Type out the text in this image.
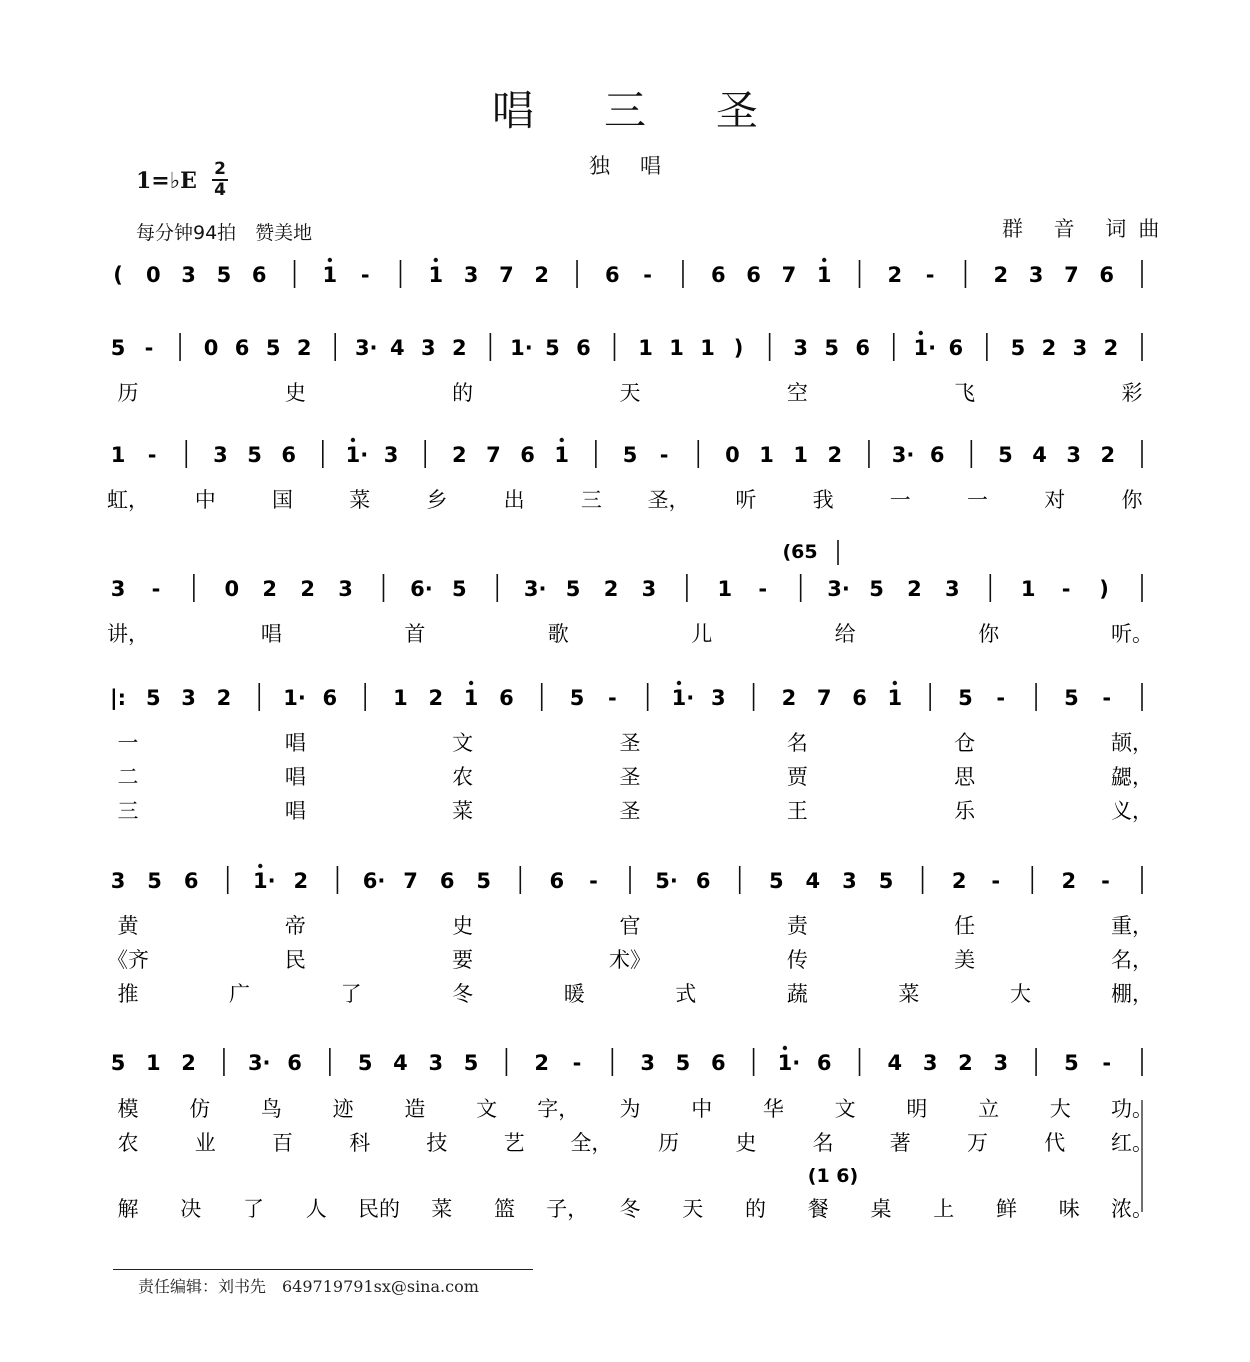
唱三圣
独唱
1=♭E 2
4
每分钟94拍　赞美地	群 音 词曲
( 0 3 5 6	1 -	1 3 7 2	6 -	6 6 7 1	2 -	2 3 7 6
5 - 0 6 5 2 3· 4 3 2 1· 5 6 1 1 1 ) 3 5 6 1· 6 5 2 3 2
历	史	的	天	空	飞	彩
1 -	3 5 6 1· 3	2 7 6 1	5 -	0 1 1 2 3· 6	5 4 3 2
虹， 中	国	菜	乡	出	三 圣， 听	我	一	一	对	你
3 -	0 2 2 3	6· 5	3· 5 2 3	1 -	3· 5 2 3	1 - )
(65
讲，	唱	首	歌	儿	给	你	听。
|: 5 3 2 1· 6	1 2 1 6	5 -	1· 3	2 7 6 1	5 -	5 -
一	唱	文	圣	名	仓	颉，
二	唱	农	圣	贾	思	勰，
三	唱	菜	圣	王	乐	义，
3 5 6	1· 2	6· 7 6 5	6 -	5· 6	5 4 3 5	2 -	2 -
黄	帝	史	官	责	任	重，
《齐	民	要	术》	传	美	名，
推	广	了	冬	暖	式	蔬	菜	大	棚，
5 1 2 3· 6	5 4 3 5	2 -	3 5 6 1· 6	4 3 2 3	5 -
(1 6)
模 仿 鸟 迹 造 文 字， 为 中 华 文 明 立 大 功。
农	业	百	科	技	艺 全， 历	史	名	著	万	代 红。
解 决 了 人 民的 菜 篮 子， 冬 天 的 餐 桌 上 鲜 味 浓。
责任编辑：刘书先　649719791sx@sina.com
